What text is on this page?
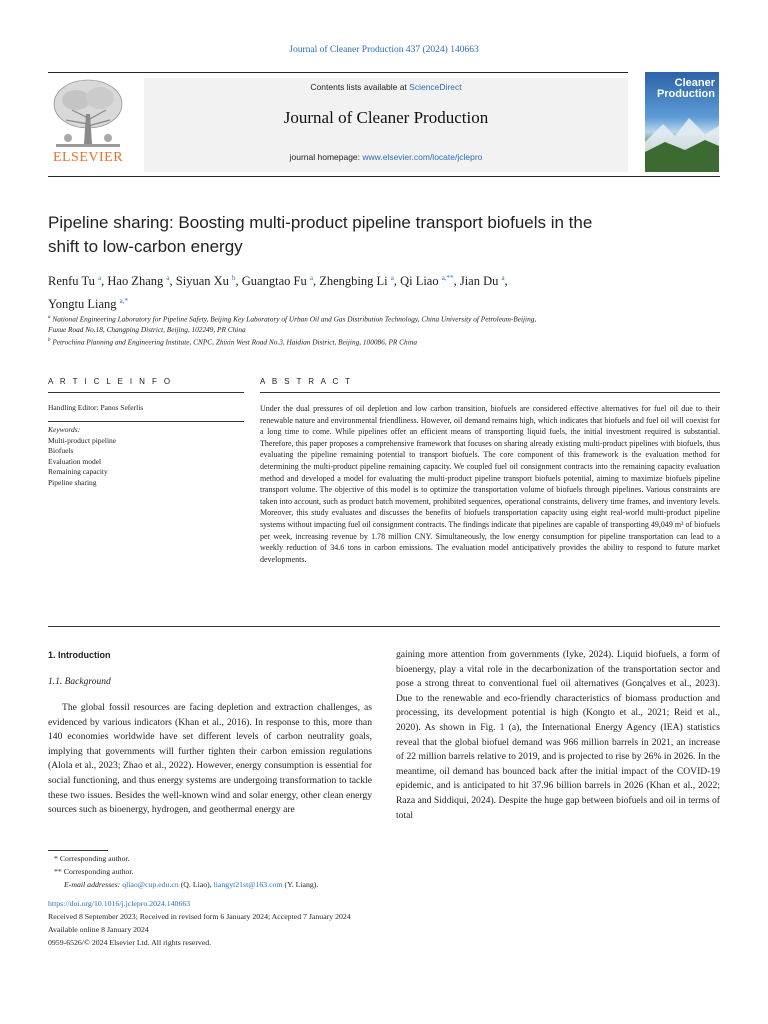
Journal of Cleaner Production 437 (2024) 140663
Contents lists available at ScienceDirect
Journal of Cleaner Production
journal homepage: www.elsevier.com/locate/jclepro
ELSEVIER
Cleaner
Production
Pipeline sharing: Boosting multi-product pipeline transport biofuels in the
shift to low-carbon energy
Renfu Tu $^a$, Hao Zhang $^a$, Siyuan Xu $^b$, Guangtao Fu $^a$, Zhengbing Li $^a$, Qi Liao $^{a,**}$, Jian Du $^a$,
Yongtu Liang $^{a,*}$
$^a$ National Engineering Laboratory for Pipeline Safety, Beijing Key Laboratory of Urban Oil and Gas Distribution Technology, China University of Petroleum-Beijing,
Fuxue Road No.18, Changping District, Beijing, 102249, PR China
$^b$ Petrochina Planning and Engineering Institute, CNPC, Zhixin West Road No.3, Haidian District, Beijing, 100086, PR China
A R T I C L E I N F O
Handling Editor: Panos Seferlis
Keywords:
Multi-product pipeline
Biofuels
Evaluation model
Remaining capacity
Pipeline sharing
A B S T R A C T
Under the dual pressures of oil depletion and low carbon transition, biofuels are considered effective alternatives for fuel oil due to their renewable nature and environmental friendliness. However, oil demand remains high, which indicates that biofuels and fuel oil will coexist for a long time to come. While pipelines offer an efficient means of transporting liquid fuels, the initial investment required is substantial. Therefore, this paper proposes a comprehensive framework that focuses on sharing already existing multi-product pipelines with biofuels, thus evaluating the pipeline remaining potential to transport biofuels. The core component of this framework is the evaluation method for determining the multi-product pipeline remaining capacity. We coupled fuel oil consignment contracts into the remaining capacity evaluation method and developed a model for evaluating the multi-product pipeline transport biofuels potential, aiming to maximize biofuels pipeline transport volume. The objective of this model is to optimize the transportation volume of biofuels through pipelines. Various constraints are taken into account, such as product batch movement, prohibited sequences, operational constraints, delivery time frames, and inventory levels. Moreover, this study evaluates and discusses the benefits of biofuels transportation capacity using eight real-world multi-product pipeline systems without impacting fuel oil consignment contracts. The findings indicate that pipelines are capable of transporting 49,049 m³ of biofuels per week, increasing revenue by 1.78 million CNY. Simultaneously, the low energy consumption for pipeline transportation can lead to a weekly reduction of 34.6 tons in carbon emissions. The evaluation model anticipatively provides the ability to respond to future market developments.
1. Introduction
1.1. Background
The global fossil resources are facing depletion and extraction challenges, as evidenced by various indicators (Khan et al., 2016). In response to this, more than 140 economies worldwide have set different levels of carbon neutrality goals, implying that governments will further tighten their carbon emission regulations (Alola et al., 2023; Zhao et al., 2022). However, energy consumption is essential for social functioning, and thus energy systems are undergoing transformation to tackle these two issues. Besides the well-known wind and solar energy, other clean energy sources such as bioenergy, hydrogen, and geothermal energy are
gaining more attention from governments (Iyke, 2024). Liquid biofuels, a form of bioenergy, play a vital role in the decarbonization of the transportation sector and pose a strong threat to conventional fuel oil alternatives (Gonçalves et al., 2023). Due to the renewable and eco-friendly characteristics of biomass production and processing, its development potential is high (Kongto et al., 2021; Reid et al., 2020). As shown in Fig. 1 (a), the International Energy Agency (IEA) statistics reveal that the global biofuel demand was 966 million barrels in 2021, an increase of 22 million barrels relative to 2019, and is projected to rise by 26% in 2026. In the meantime, oil demand has bounced back after the initial impact of the COVID-19 epidemic, and is anticipated to hit 37.96 billion barrels in 2026 (Khan et al., 2022; Raza and Siddiqui, 2024). Despite the huge gap between biofuels and oil in terms of total
* Corresponding author.
** Corresponding author.
E-mail addresses: qliao@cup.edu.cn (Q. Liao), liangyt21st@163.com (Y. Liang).
https://doi.org/10.1016/j.jclepro.2024.140663
Received 8 September 2023; Received in revised form 6 January 2024; Accepted 7 January 2024
Available online 8 January 2024
0959-6526/© 2024 Elsevier Ltd. All rights reserved.
